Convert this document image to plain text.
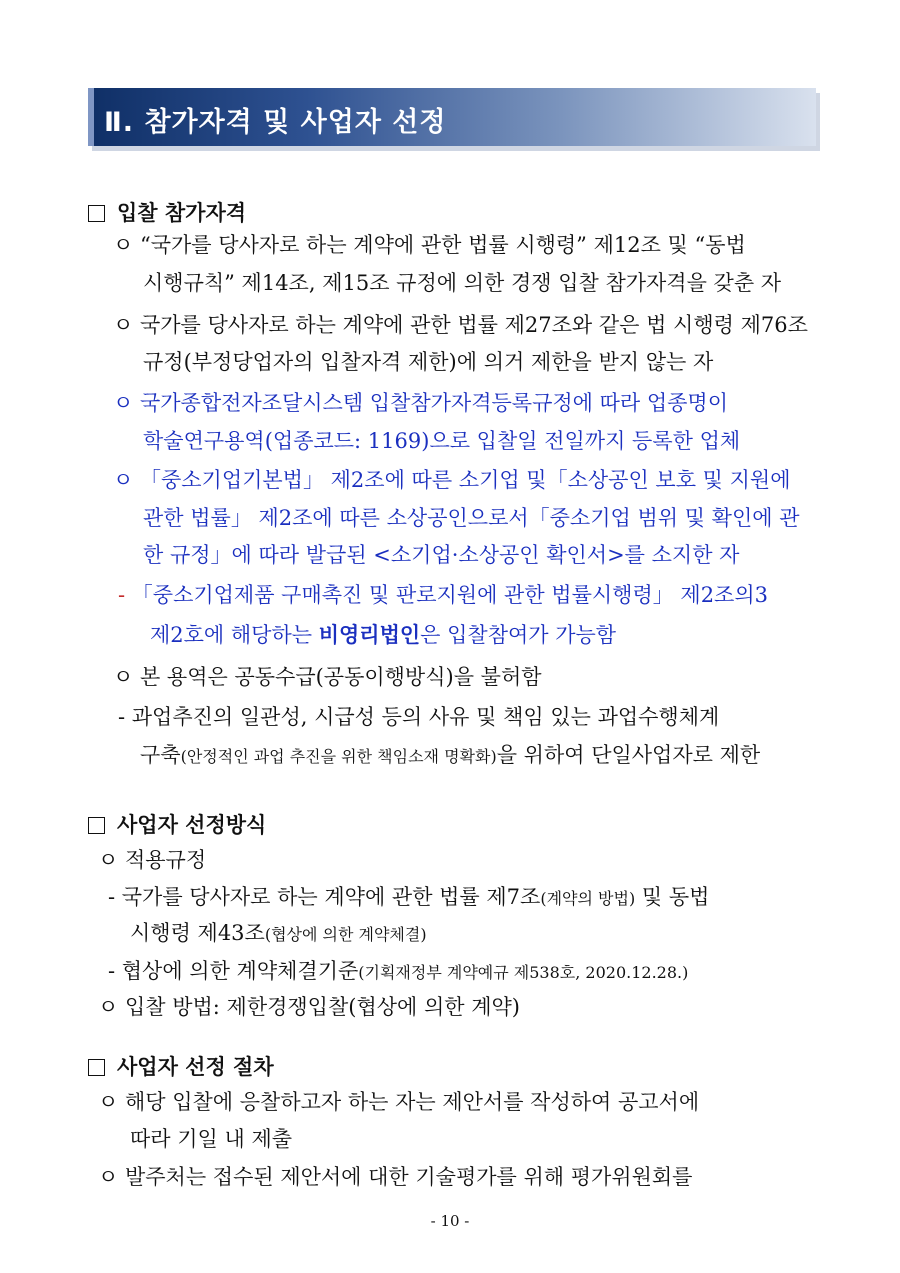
Ⅱ. 참가자격 및 사업자 선정
입찰 참가자격
ㅇ “국가를 당사자로 하는 계약에 관한 법률 시행령” 제12조 및 “동법
시행규칙” 제14조, 제15조 규정에 의한 경쟁 입찰 참가자격을 갖춘 자
ㅇ 국가를 당사자로 하는 계약에 관한 법률 제27조와 같은 법 시행령 제76조
규정(부정당업자의 입찰자격 제한)에 의거 제한을 받지 않는 자
ㅇ 국가종합전자조달시스템 입찰참가자격등록규정에 따라 업종명이
학술연구용역(업종코드: 1169)으로 입찰일 전일까지 등록한 업체
ㅇ 「중소기업기본법」 제2조에 따른 소기업 및「소상공인 보호 및 지원에
관한 법률」 제2조에 따른 소상공인으로서「중소기업 범위 및 확인에 관
한 규정」에 따라 발급된 <소기업·소상공인 확인서>를 소지한 자
- 「중소기업제품 구매촉진 및 판로지원에 관한 법률시행령」 제2조의3
제2호에 해당하는 비영리법인은 입찰참여가 가능함
ㅇ 본 용역은 공동수급(공동이행방식)을 불허함
- 과업추진의 일관성, 시급성 등의 사유 및 책임 있는 과업수행체계
구축(안정적인 과업 추진을 위한 책임소재 명확화)을 위하여 단일사업자로 제한
사업자 선정방식
ㅇ 적용규정
- 국가를 당사자로 하는 계약에 관한 법률 제7조(계약의 방법) 및 동법
시행령 제43조(협상에 의한 계약체결)
- 협상에 의한 계약체결기준(기획재정부 계약예규 제538호, 2020.12.28.)
ㅇ 입찰 방법: 제한경쟁입찰(협상에 의한 계약)
사업자 선정 절차
ㅇ 해당 입찰에 응찰하고자 하는 자는 제안서를 작성하여 공고서에
따라 기일 내 제출
ㅇ 발주처는 접수된 제안서에 대한 기술평가를 위해 평가위원회를
- 10 -
